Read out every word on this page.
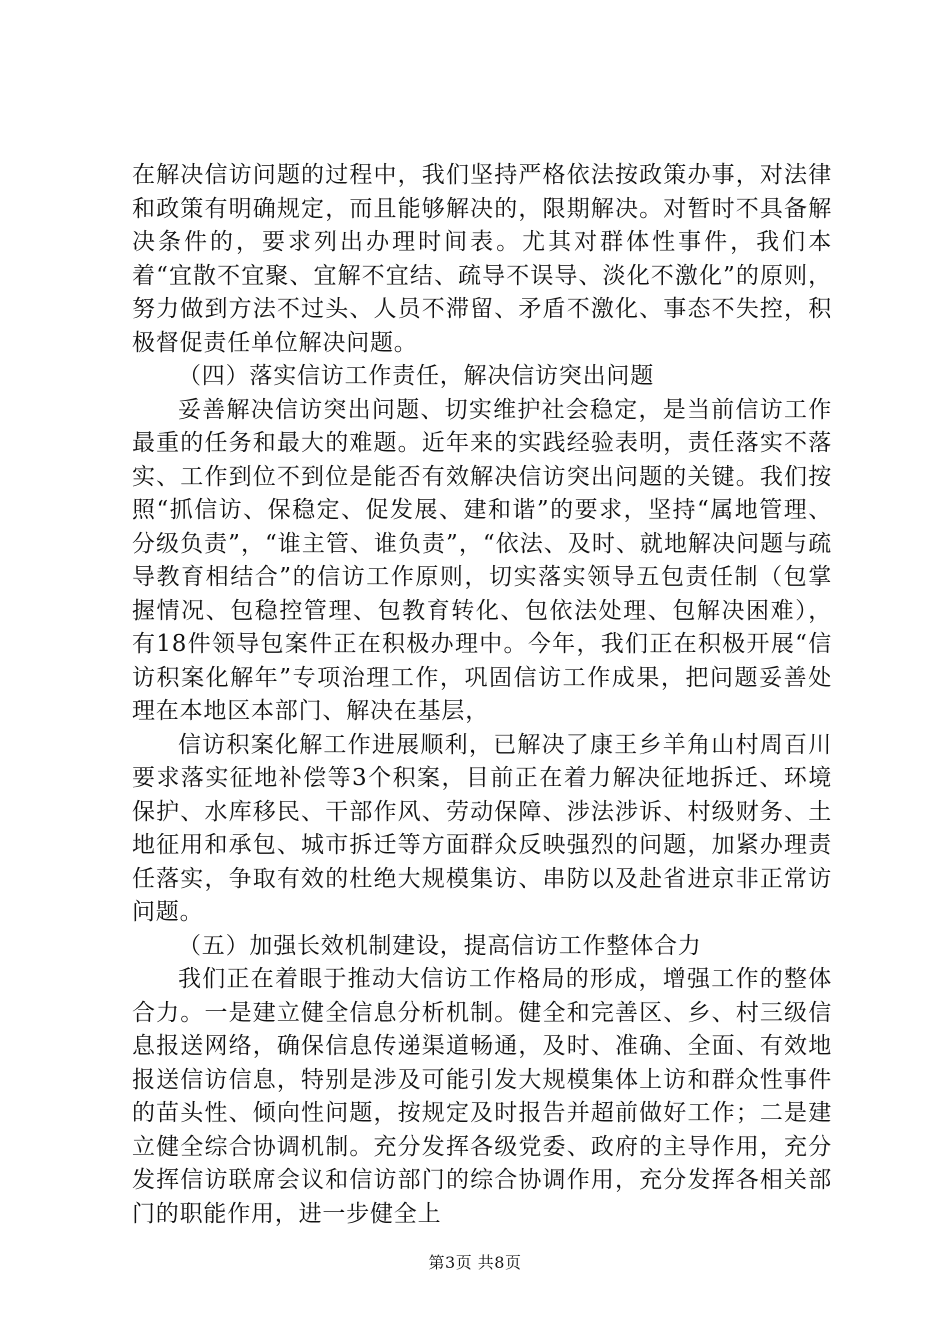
在解决信访问题的过程中，我们坚持严格依法按政策办事，对法律和政策有明确规定，而且能够解决的，限期解决。对暂时不具备解决条件的，要求列出办理时间表。尤其对群体性事件，我们本着“宜散不宜聚、宜解不宜结、疏导不误导、淡化不激化”的原则，努力做到方法不过头、人员不滞留、矛盾不激化、事态不失控，积极督促责任单位解决问题。

（四）落实信访工作责任，解决信访突出问题

妥善解决信访突出问题、切实维护社会稳定，是当前信访工作最重的任务和最大的难题。近年来的实践经验表明，责任落实不落实、工作到位不到位是能否有效解决信访突出问题的关键。我们按照“抓信访、保稳定、促发展、建和谐”的要求，坚持“属地管理、分级负责”，“谁主管、谁负责”，“依法、及时、就地解决问题与疏导教育相结合”的信访工作原则，切实落实领导五包责任制（包掌握情况、包稳控管理、包教育转化、包依法处理、包解决困难），有18件领导包案件正在积极办理中。今年，我们正在积极开展“信访积案化解年”专项治理工作，巩固信访工作成果，把问题妥善处理在本地区本部门、解决在基层，

信访积案化解工作进展顺利，已解决了康王乡羊角山村周百川要求落实征地补偿等3个积案，目前正在着力解决征地拆迁、环境保护、水库移民、干部作风、劳动保障、涉法涉诉、村级财务、土地征用和承包、城市拆迁等方面群众反映强烈的问题，加紧办理责任落实，争取有效的杜绝大规模集访、串防以及赴省进京非正常访问题。

（五）加强长效机制建设，提高信访工作整体合力

我们正在着眼于推动大信访工作格局的形成，增强工作的整体合力。一是建立健全信息分析机制。健全和完善区、乡、村三级信息报送网络，确保信息传递渠道畅通，及时、准确、全面、有效地报送信访信息，特别是涉及可能引发大规模集体上访和群众性事件的苗头性、倾向性问题，按规定及时报告并超前做好工作；二是建立健全综合协调机制。充分发挥各级党委、政府的主导作用，充分发挥信访联席会议和信访部门的综合协调作用，充分发挥各相关部门的职能作用，进一步健全上

第3页 共8页
